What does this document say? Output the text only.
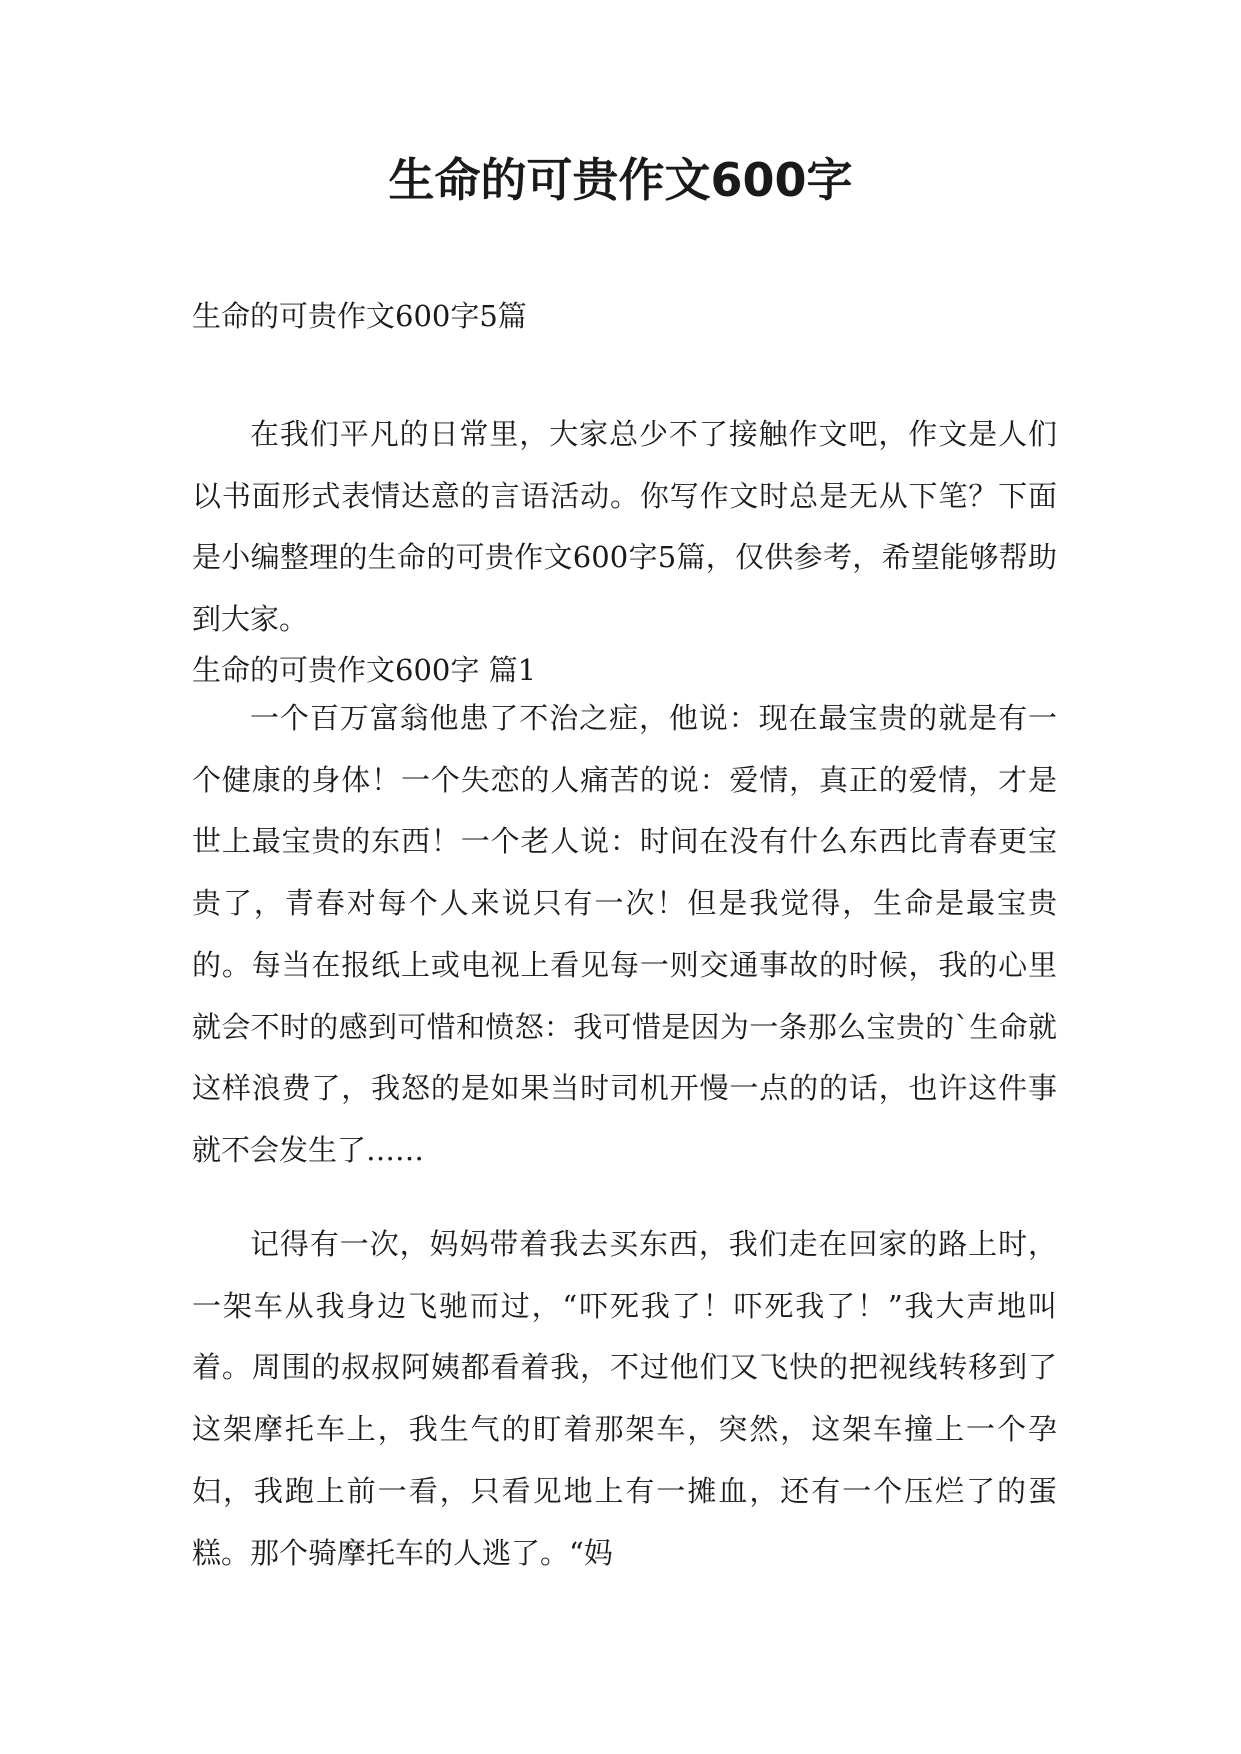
生命的可贵作文600字

生命的可贵作文600字5篇

在我们平凡的日常里，大家总少不了接触作文吧，作文是人们以书面形式表情达意的言语活动。你写作文时总是无从下笔？下面是小编整理的生命的可贵作文600字5篇，仅供参考，希望能够帮助到大家。

生命的可贵作文600字 篇1

一个百万富翁他患了不治之症，他说：现在最宝贵的就是有一个健康的身体！一个失恋的人痛苦的说：爱情，真正的爱情，才是世上最宝贵的东西！一个老人说：时间在没有什么东西比青春更宝贵了，青春对每个人来说只有一次！但是我觉得，生命是最宝贵的。每当在报纸上或电视上看见每一则交通事故的时候，我的心里就会不时的感到可惜和愤怒：我可惜是因为一条那么宝贵的`生命就这样浪费了，我怒的是如果当时司机开慢一点的的话，也许这件事就不会发生了……

记得有一次，妈妈带着我去买东西，我们走在回家的路上时，一架车从我身边飞驰而过，“吓死我了！吓死我了！”我大声地叫着。周围的叔叔阿姨都看着我，不过他们又飞快的把视线转移到了这架摩托车上，我生气的盯着那架车，突然，这架车撞上一个孕妇，我跑上前一看，只看见地上有一摊血，还有一个压烂了的蛋糕。那个骑摩托车的人逃了。“妈
